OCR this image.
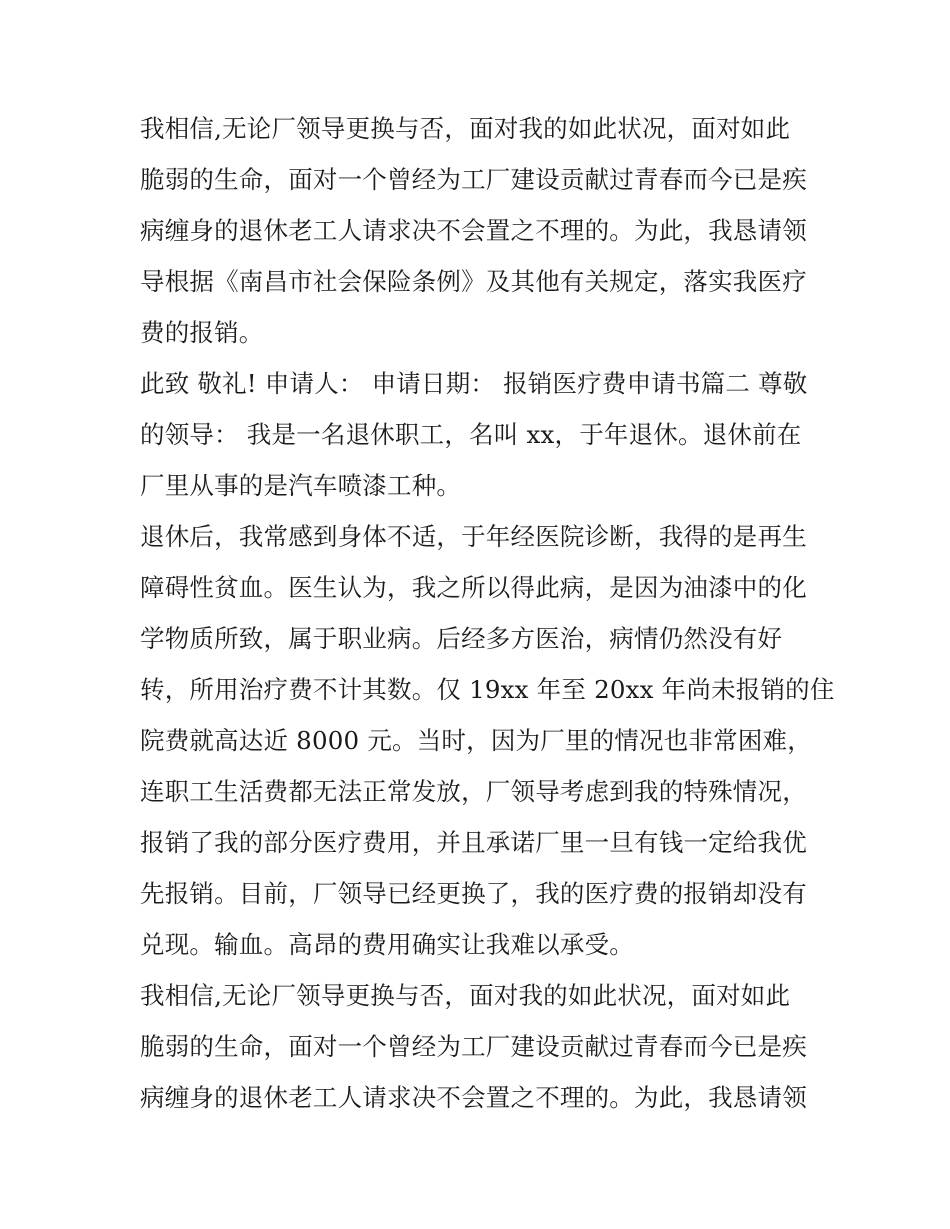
我相信,无论厂领导更换与否，面对我的如此状况，面对如此
脆弱的生命，面对一个曾经为工厂建设贡献过青春而今已是疾
病缠身的退休老工人请求决不会置之不理的。为此，我恳请领
导根据《南昌市社会保险条例》及其他有关规定，落实我医疗
费的报销。
此致 敬礼! 申请人： 申请日期： 报销医疗费申请书篇二 尊敬
的领导： 我是一名退休职工，名叫 xx，于年退休。退休前在
厂里从事的是汽车喷漆工种。
退休后，我常感到身体不适，于年经医院诊断，我得的是再生
障碍性贫血。医生认为，我之所以得此病，是因为油漆中的化
学物质所致，属于职业病。后经多方医治，病情仍然没有好
转，所用治疗费不计其数。仅 19xx 年至 20xx 年尚未报销的住
院费就高达近 8000 元。当时，因为厂里的情况也非常困难，
连职工生活费都无法正常发放，厂领导考虑到我的特殊情况，
报销了我的部分医疗费用，并且承诺厂里一旦有钱一定给我优
先报销。目前，厂领导已经更换了，我的医疗费的报销却没有
兑现。输血。高昂的费用确实让我难以承受。
我相信,无论厂领导更换与否，面对我的如此状况，面对如此
脆弱的生命，面对一个曾经为工厂建设贡献过青春而今已是疾
病缠身的退休老工人请求决不会置之不理的。为此，我恳请领
